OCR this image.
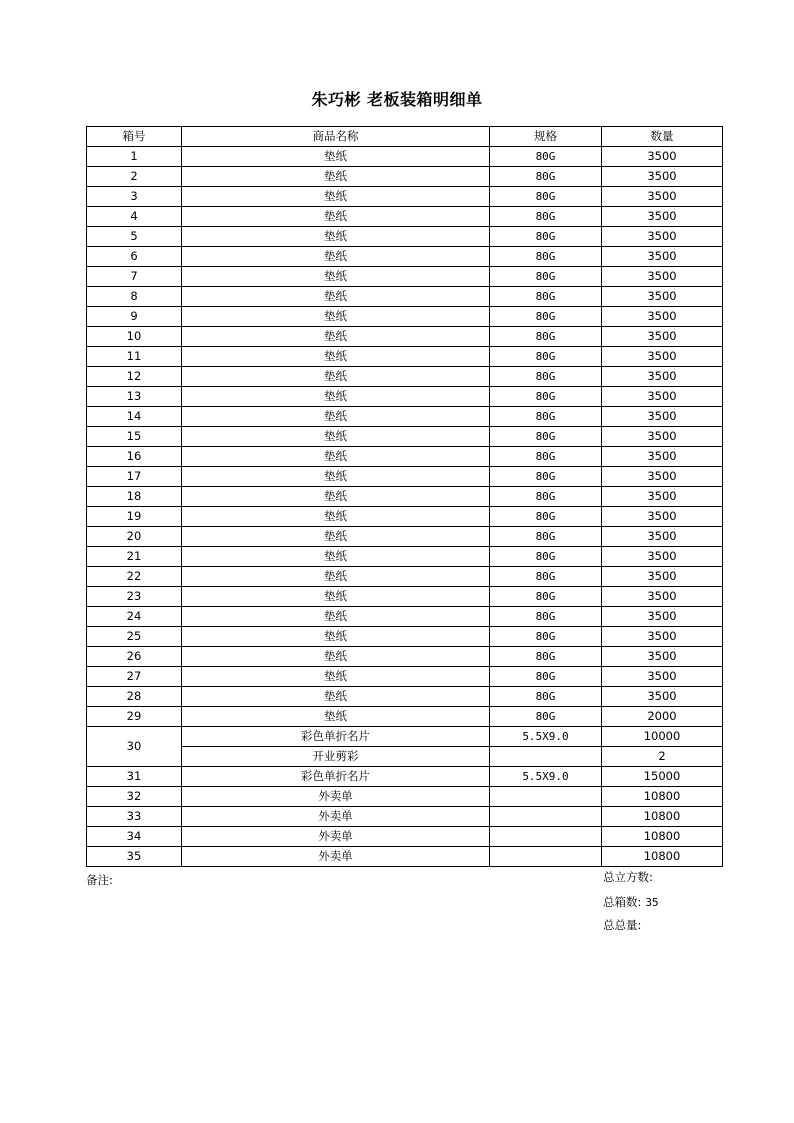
朱巧彬 老板装箱明细单
箱号	商品名称	规格	数量
1	垫纸	80G	3500
2	垫纸	80G	3500
3	垫纸	80G	3500
4	垫纸	80G	3500
5	垫纸	80G	3500
6	垫纸	80G	3500
7	垫纸	80G	3500
8	垫纸	80G	3500
9	垫纸	80G	3500
10	垫纸	80G	3500
11	垫纸	80G	3500
12	垫纸	80G	3500
13	垫纸	80G	3500
14	垫纸	80G	3500
15	垫纸	80G	3500
16	垫纸	80G	3500
17	垫纸	80G	3500
18	垫纸	80G	3500
19	垫纸	80G	3500
20	垫纸	80G	3500
21	垫纸	80G	3500
22	垫纸	80G	3500
23	垫纸	80G	3500
24	垫纸	80G	3500
25	垫纸	80G	3500
26	垫纸	80G	3500
27	垫纸	80G	3500
28	垫纸	80G	3500
29	垫纸	80G	2000
30	彩色单折名片	5.5X9.0	10000
	开业剪彩		2
31	彩色单折名片	5.5X9.0	15000
32	外卖单		10800
33	外卖单		10800
34	外卖单		10800
35	外卖单		10800
备注:	总立方数:
总箱数: 35
总总量:
